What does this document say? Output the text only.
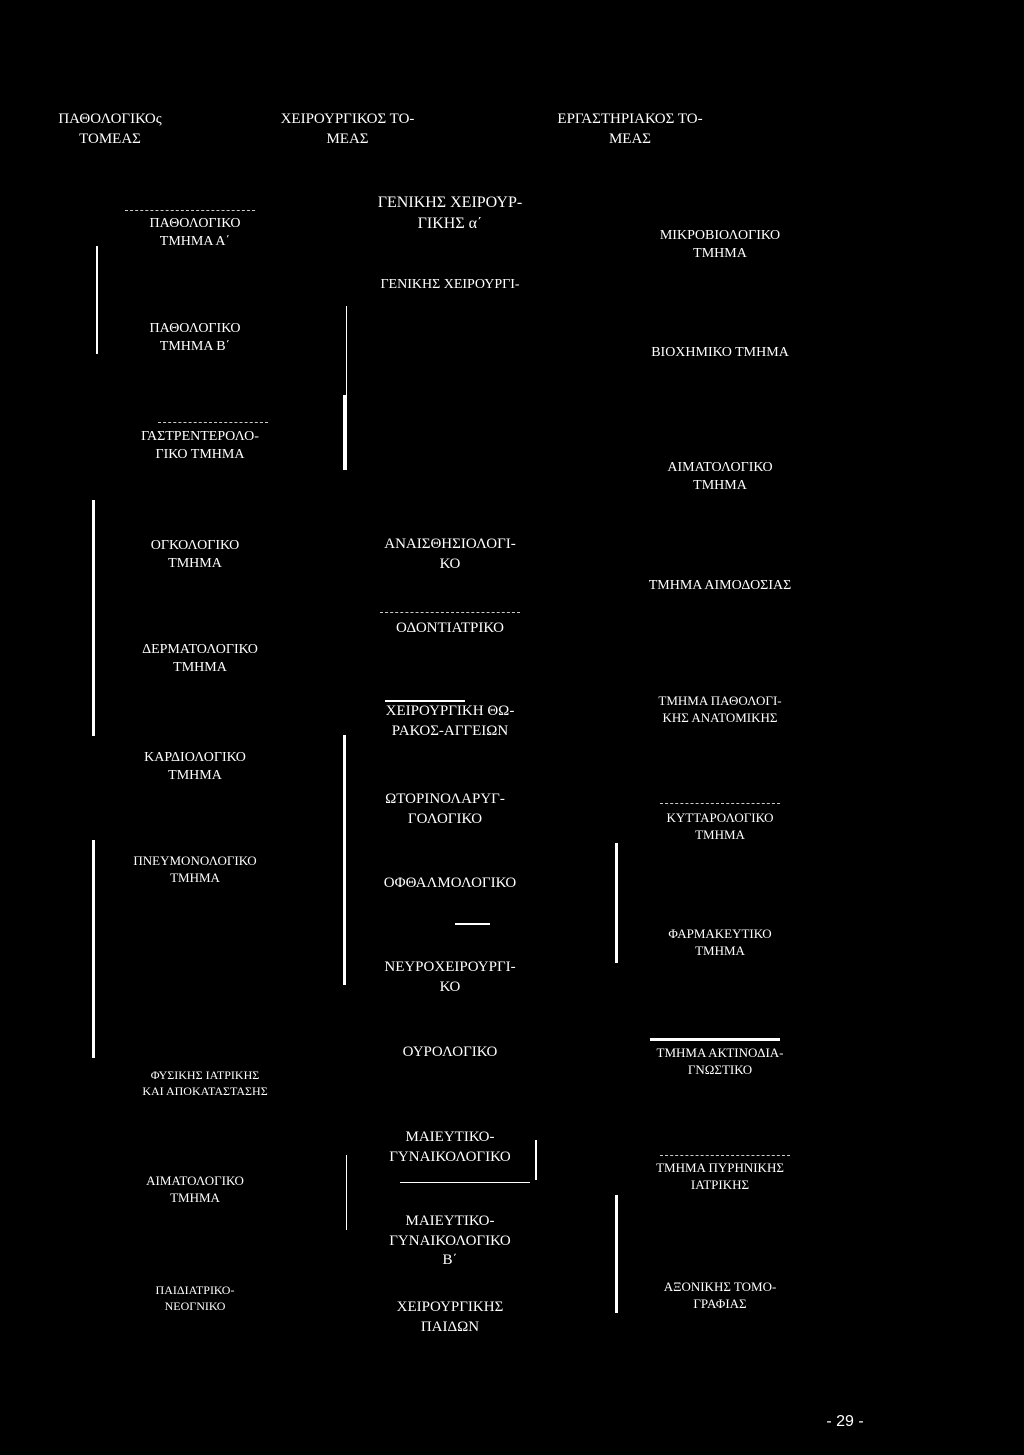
ΠΑΘΟΛΟΓΙΚΟς
ΤΟΜΕΑΣ
ΧΕΙΡΟΥΡΓΙΚΟΣ ΤΟ-
ΜΕΑΣ
ΕΡΓΑΣΤΗΡΙΑΚΟΣ ΤΟ-
ΜΕΑΣ
ΠΑΘΟΛΟΓΙΚΟ
ΤΜΗΜΑ Α΄
ΠΑΘΟΛΟΓΙΚΟ
ΤΜΗΜΑ Β΄
ΓΑΣΤΡΕΝΤΕΡΟΛΟ-
ΓΙΚΟ ΤΜΗΜΑ
ΟΓΚΟΛΟΓΙΚΟ
ΤΜΗΜΑ
ΔΕΡΜΑΤΟΛΟΓΙΚΟ
ΤΜΗΜΑ
ΚΑΡΔΙΟΛΟΓΙΚΟ
ΤΜΗΜΑ
ΠΝΕΥΜΟΝΟΛΟΓΙΚΟ
ΤΜΗΜΑ
ΦΥΣΙΚΗΣ ΙΑΤΡΙΚΗΣ
ΚΑΙ ΑΠΟΚΑΤΑΣΤΑΣΗΣ
ΑΙΜΑΤΟΛΟΓΙΚΟ
ΤΜΗΜΑ
ΠΑΙΔΙΑΤΡΙΚΟ-
ΝΕΟΓΝΙΚΟ
ΓΕΝΙΚΗΣ ΧΕΙΡΟΥΡ-
ΓΙΚΗΣ α΄
ΓΕΝΙΚΗΣ ΧΕΙΡΟΥΡΓΙ-
ΑΝΑΙΣΘΗΣΙΟΛΟΓΙ-
ΚΟ
ΟΔΟΝΤΙΑΤΡΙΚΟ
ΧΕΙΡΟΥΡΓΙΚΗ ΘΩ-
ΡΑΚΟΣ-ΑΓΓΕΙΩΝ
ΩΤΟΡΙΝΟΛΑΡΥΓ-
ΓΟΛΟΓΙΚΟ
ΟΦΘΑΛΜΟΛΟΓΙΚΟ
ΝΕΥΡΟΧΕΙΡΟΥΡΓΙ-
ΚΟ
ΟΥΡΟΛΟΓΙΚΟ
ΜΑΙΕΥΤΙΚΟ-
ΓΥΝΑΙΚΟΛΟΓΙΚΟ
ΜΑΙΕΥΤΙΚΟ-
ΓΥΝΑΙΚΟΛΟΓΙΚΟ
Β΄
ΧΕΙΡΟΥΡΓΙΚΗΣ
ΠΑΙΔΩΝ
ΜΙΚΡΟΒΙΟΛΟΓΙΚΟ
ΤΜΗΜΑ
ΒΙΟΧΗΜΙΚΟ ΤΜΗΜΑ
ΑΙΜΑΤΟΛΟΓΙΚΟ
ΤΜΗΜΑ
ΤΜΗΜΑ ΑΙΜΟΔΟΣΙΑΣ
ΤΜΗΜΑ ΠΑΘΟΛΟΓΙ-
ΚΗΣ ΑΝΑΤΟΜΙΚΗΣ
ΚΥΤΤΑΡΟΛΟΓΙΚΟ
ΤΜΗΜΑ
ΦΑΡΜΑΚΕΥΤΙΚΟ
ΤΜΗΜΑ
ΤΜΗΜΑ ΑΚΤΙΝΟΔΙΑ-
ΓΝΩΣΤΙΚΟ
ΤΜΗΜΑ ΠΥΡΗΝΙΚΗΣ
ΙΑΤΡΙΚΗΣ
ΑΞΟΝΙΚΗΣ ΤΟΜΟ-
ΓΡΑΦΙΑΣ
- 29 -
